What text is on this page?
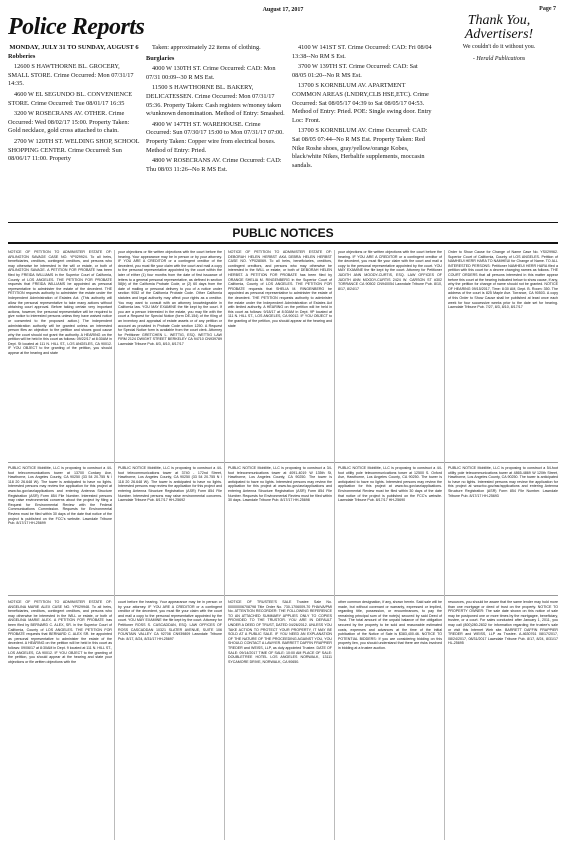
August 17, 2017	Page 7
Police Reports	Thank You, Advertisers!
We couldn't do it without you.
- Herald Publications
MONDAY, JULY 31 TO SUNDAY, AUGUST 6

Robberies

12600 S HAWTHORNE BL. GROCERY, SMALL STORE. Crime Occurred: Mon 07/31/17 14:35.

4600 W EL SEGUNDO BL. CONVENIENCE STORE. Crime Occurred: Tue 08/01/17 16:35

3200 W ROSECRANS AV. OTHER. Crime Occurred: Wed 08/02/17 15:00. Property Taken: Gold necklace, gold cross attached to chain.

2700 W 120TH ST. WELDING SHOP, SCHOOL SHOPPING CENTER. Crime Occurred: Sun 08/06/17 11:00. Property

Taken: approximately 22 items of clothing.

Burglaries

4000 W 130TH ST. Crime Occurred: CAD: Mon 07/31 00:09--30 R MS Est.

11500 S HAWTHORNE BL. BAKERY, DELICATESSEN. Crime Occurred: Mon 07/31/17 05:36. Property Taken: Cash registers w/money taken w/unknown denomination. Method of Entry: Smashed.

4900 W 147TH ST. WAREHOUSE. Crime Occurred: Sun 07/30/17 15:00 to Mon 07/31/17 07:00. Property Taken: Copper wire from electrical boxes. Method of Entry: Pried.

4800 W ROSECRANS AV. Crime Occurred: CAD: Thu 08/03 11:26--No R MS Est.

4100 W 141ST ST. Crime Occurred: CAD: Fri 08/04 13:38--No RM S Est.

3700 W 139TH ST. Crime Occurred: CAD: Sat 08/05 01:20--No R MS Est.

13700 S KORNBLUM AV. APARTMENT COMMON AREAS (LNDRY,CLB HSE,ETC). Crime Occurred: Sat 08/05/17 04:39 to Sat 08/05/17 04:53. Method of Entry: Pried. POE: Single swing door. Entry Loc: Front.

13700 S KORNBLUM AV. Crime Occurred: CAD: Sat 08/05 07:44--No R MS Est. Property Taken: Red Nike Roshe shoes, gray/yellow/orange Kobes, black/white Nikes, Herbalife supplements, moccasin sandals.

PUBLIC NOTICES
NOTICE OF PETITION TO ADMINISTER ESTATE OF: ARLINGTON SAVAGE CASE NO. YP029924. To all heirs, beneficiaries, creditors, contingent creditors, and persons who may otherwise be interested in the will or estate, or both of ARLINGTON SAVAGE. A PETITION FOR PROBATE has been filed by FREIDA WILLIAMS in the Superior Court of California, County of LOS ANGELES. THE PETITION FOR PROBATE requests that FREIDA WILLIAMS be appointed as personal representative to administer the estate of the decedent. THE PETITION requests authority to administer the estate under the Independent Administration of Estates Act. (This authority will allow the personal representative to take many actions without obtaining court approval. Before taking certain very important actions, however, the personal representative will be required to give notice to interested persons unless they have waived notice or consented to the proposed action.) The independent administration authority will be granted unless an interested person files an objection to the petition and shows good cause why the court should not grant the authority. A HEARING on the petition will be held in this court as follows: 09/22/17 at 8:30AM in Dept. St located at 111 N. HILL ST., LOS ANGELES, CA 90012. IF YOU OBJECT to the granting of the petition, you should appear at the hearing and state
your objections or file written objections with the court before the hearing. Your appearance may be in person or by your attorney. IF YOU ARE A CREDITOR or a contingent creditor of the decedent, you must file your claim with the court and mail a copy to the personal representative appointed by the court within the later of either (1) four months from the date of first issuance of letters to a general personal representative, as defined in section 58(b) of the California Probate Code, or (2) 60 days from the date of mailing or personal delivery to you of a notice under section 9052 of the California Probate Code. Other California statutes and legal authority may affect your rights as a creditor. You may want to consult with an attorney knowledgeable in California law. YOU MAY EXAMINE the file kept by the court. If you are a person interested in the estate, you may file with the court a Request for Special Notice (form DE-154) of the filing of an inventory and appraisal of estate assets or of any petition or account as provided in Probate Code section 1250. A Request for Special Notice form is available from the court clerk. Attorney for Petitioner GRETCHEN L. WETTIG, ESQ. WETTIG LAW FIRM 2124 DWIGHT STREET BERKELEY CA 94710 CN939789 Lawndale Tribune Pub. 8/3, 8/10, 8/17/17
NOTICE OF PETITION TO ADMINISTER ESTATE OF: DEBORAH HELEN HERBST AKA DEBRA HELEN HERBST CASE NO. YP028069. To all heirs, beneficiaries, creditors, contingent creditors, and persons who may otherwise be interested in the WILL or estate, or both of DEBORAH HELEN HERBST. A PETITION FOR PROBATE has been filed by ORANGE SHELIA M. RINGENBERG in the Superior Court of California, County of LOS ANGELES. THE PETITION FOR PROBATE requests that SHELIA M. RINGENBERG be appointed as personal representative to administer the estate of the decedent. THE PETITION requests authority to administer the estate under the Independent Administration of Estates Act with limited authority. A HEARING on the petition will be held in this court as follows: 9/18/17 at 8:30AM in Dept. 9P located at 111 N. HILL ST., LOS ANGELES, CA 90012. IF YOU OBJECT to the granting of the petition, you should appear at the hearing and state
your objections or file written objections with the court before the hearing. IF YOU ARE A CREDITOR or a contingent creditor of the decedent, you must file your claim with the court and mail a copy to the personal representative appointed by the court. YOU MAY EXAMINE the file kept by the court. Attorney for Petitioner JUDITH ANN MOODY-CURTIS, ESQ. LAW OFFICES OF JUDITH ANN MOODY-CURTIS 2424 W. CARSON ST #302 TORRANCE CA 90502 CN940054 Lawndale Tribune Pub. 8/10, 8/17, 8/24/17
Order to Show Cause for Change of Name Case No. YS029962. Superior Court of California, County of LOS ANGELES. Petition of NAMHEUI HERR HARA TO NAMHEUI for Change of Name. TO ALL INTERESTED PERSONS: Petitioner NAMHEUI HERR HARA filed a petition with this court for a decree changing names as follows. THE COURT ORDERS that all persons interested in this matter appear before this court at the hearing indicated below to show cause, if any, why the petition for change of name should not be granted. NOTICE OF HEARING 09/15/2017, Time: 8:30 AM, Dept. B. Room: 350. The address of the court is 825 Maple Ave. Torrance, CA 90503. A copy of this Order to Show Cause shall be published at least once each week for four successive weeks prior to the date set for hearing. Lawndale Tribune Pub. 7/27, 8/3, 8/10, 8/17/17
PUBLIC NOTICE Mobilitie, LLC is proposing to construct a 44-foot telecommunications tower at 13700 Cordary Ave, Hawthorne, Los Angeles County, CA 90250 (33 54 20.755 N / 118 20 26.648 W). The tower is anticipated to have no lights. Interested persons may review the application for this project at www.fcc.gov/asr/applications and entering Antenna Structure Registration (ASR) Form 854 File Number. Interested persons may raise environmental concerns about the project by filing a Request for Environmental Review with the Federal Communications Commission. Requests for Environmental Review must be filed within 30 days of the date that notice of the project is published on the FCC's website. Lawndale Tribune Pub. 8/17/17 HH-25699
PUBLIC NOTICE Mobilitie, LLC is proposing to construct a 44-foot telecommunications tower at 3740 - 172nd Street, Hawthorne, Los Angeles County, CA 90250 (33 54 20.755 N / 118 20 26.648 W). The tower is anticipated to have no lights. Interested persons may review the application for this project and entering Antenna Structure Registration (ASR) Form 854 File Number. Interested persons may raise environmental concerns. Lawndale Tribune Pub. 8/17/17 HH-25692
PUBLIC NOTICE Mobilitie, LLC is proposing to construct a 34-foot telecommunications tower at 4091-4019 W 135th St, Hawthorne, Los Angeles County, CA 90250. The tower is anticipated to have no lights. Interested persons may review the application for this project at www.fcc.gov/asr/applications and entering Antenna Structure Registration (ASR) Form 854 File Number. Requests for Environmental Review must be filed within 30 days. Lawndale Tribune Pub. 8/17/17 HH-25698
PUBLIC NOTICE Mobilitie, LLC is proposing to construct a 44-foot utility pole telecommunications tower at 12500 S. Oxford Ave, Hawthorne, Los Angeles County, CA 90250. The tower is anticipated to have no lights. Interested persons may review the application for this project at www.fcc.gov/asr/applications. Environmental Review must be filed within 30 days of the date that notice of the project is published on the FCC's website. Lawndale Tribune Pub. 8/17/17 HH-25690
PUBLIC NOTICE Mobilitie, LLC is proposing to construct a 54-foot utility pole telecommunications tower at 4865-4869 W 120th Street, Hawthorne, Los Angeles County, CA 90250. The tower is anticipated to have no lights. Interested persons may review the application for this project at www.fcc.gov/asr/applications and entering Antenna Structure Registration (ASR) Form 854 File Number. Lawndale Tribune Pub. 8/17/17 HH-25693
NOTICE OF PETITION TO ADMINISTER ESTATE OF: ANGELINA MARIE ALEX CASE NO. YP029948. To all heirs, beneficiaries, creditors, contingent creditors, and persons who may otherwise be interested in the WILL or estate, or both of ANGELINA MARIE ALEX. A PETITION FOR PROBATE has been filed by BERNARD C. ALEX, SR. in the Superior Court of California, County of LOS ANGELES. THE PETITION FOR PROBATE requests that BERNARD C. ALEX SR. be appointed as personal representative to administer the estate of the decedent. A HEARING on the petition will be held in this court as follows: 09/06/17 at 8:30AM in Dept. 9 located at 111 N. HILL ST., LOS ANGELES, CA 90012. IF YOU OBJECT to the granting of the petition, you should appear at the hearing and state your objections or file written objections with the
court before the hearing. Your appearance may be in person or by your attorney. IF YOU ARE A CREDITOR or a contingent creditor of the decedent, you must file your claim with the court and mail a copy to the personal representative appointed by the court. YOU MAY EXAMINE the file kept by the court. Attorney for Petitioner ROSS S. CASCADDAN, ESQ. LAW OFFICES OF ROSS CASCADDAN 10321 SLATER AVENUE, SUITE 106 FOUNTAIN VALLEY CA 92708 CN939809 Lawndale Tribune Pub. 8/17, 8/24, 8/31/17 HH-25697
NOTICE OF TRUSTEE'S SALE Trustee Sale No. 00000006708798 Title Order No. 730-1706009-70 FHA/VA/PMI No. ATTENTION RECORDER: THE FOLLOWING REFERENCE TO AN ATTACHED SUMMARY APPLIES ONLY TO COPIES PROVIDED TO THE TRUSTOR. YOU ARE IN DEFAULT UNDER A DEED OF TRUST, DATED 04/26/2012. UNLESS YOU TAKE ACTION TO PROTECT YOUR PROPERTY, IT MAY BE SOLD AT A PUBLIC SALE. IF YOU NEED AN EXPLANATION OF THE NATURE OF THE PROCEEDING AGAINST YOU, YOU SHOULD CONTACT A LAWYER. BARRETT DAFFIN FRAPPIER TREDER and WEISS, LLP, as duly appointed Trustee. DATE OF SALE: 09/14/2017 TIME OF SALE: 10:00 AM PLACE OF SALE: DOUBLETREE HOTEL LOS ANGELES NORWALK, 13111 SYCAMORE DRIVE, NORWALK, CA 90650.
other common designation, if any, shown herein. Said sale will be made, but without covenant or warranty, expressed or implied, regarding title, possession, or encumbrances, to pay the remaining principal sum of the note(s) secured by said Deed of Trust. The total amount of the unpaid balance of the obligation secured by the property to be sold and reasonable estimated costs, expenses and advances at the time of the initial publication of the Notice of Sale is $383,400.46. NOTICE TO POTENTIAL BIDDERS: If you are considering bidding on this property lien, you should understand that there are risks involved in bidding at a trustee auction.
resources, you should be aware that the same lender may hold more than one mortgage or deed of trust on the property. NOTICE TO PROPERTY OWNER: The sale date shown on this notice of sale may be postponed one or more times by the mortgagee, beneficiary, trustee, or a court. For sales conducted after January 1, 2011, you may call (800)280-2832 for information regarding the trustee's sale or visit this Internet Web site. BARRETT DAFFIN FRAPPIER TREDER and WEISS, LLP as Trustee. A-4630761 08/17/2017, 08/24/2017, 08/31/2017 Lawndale Tribune Pub. 8/17, 8/24, 8/31/17 HL-25695
